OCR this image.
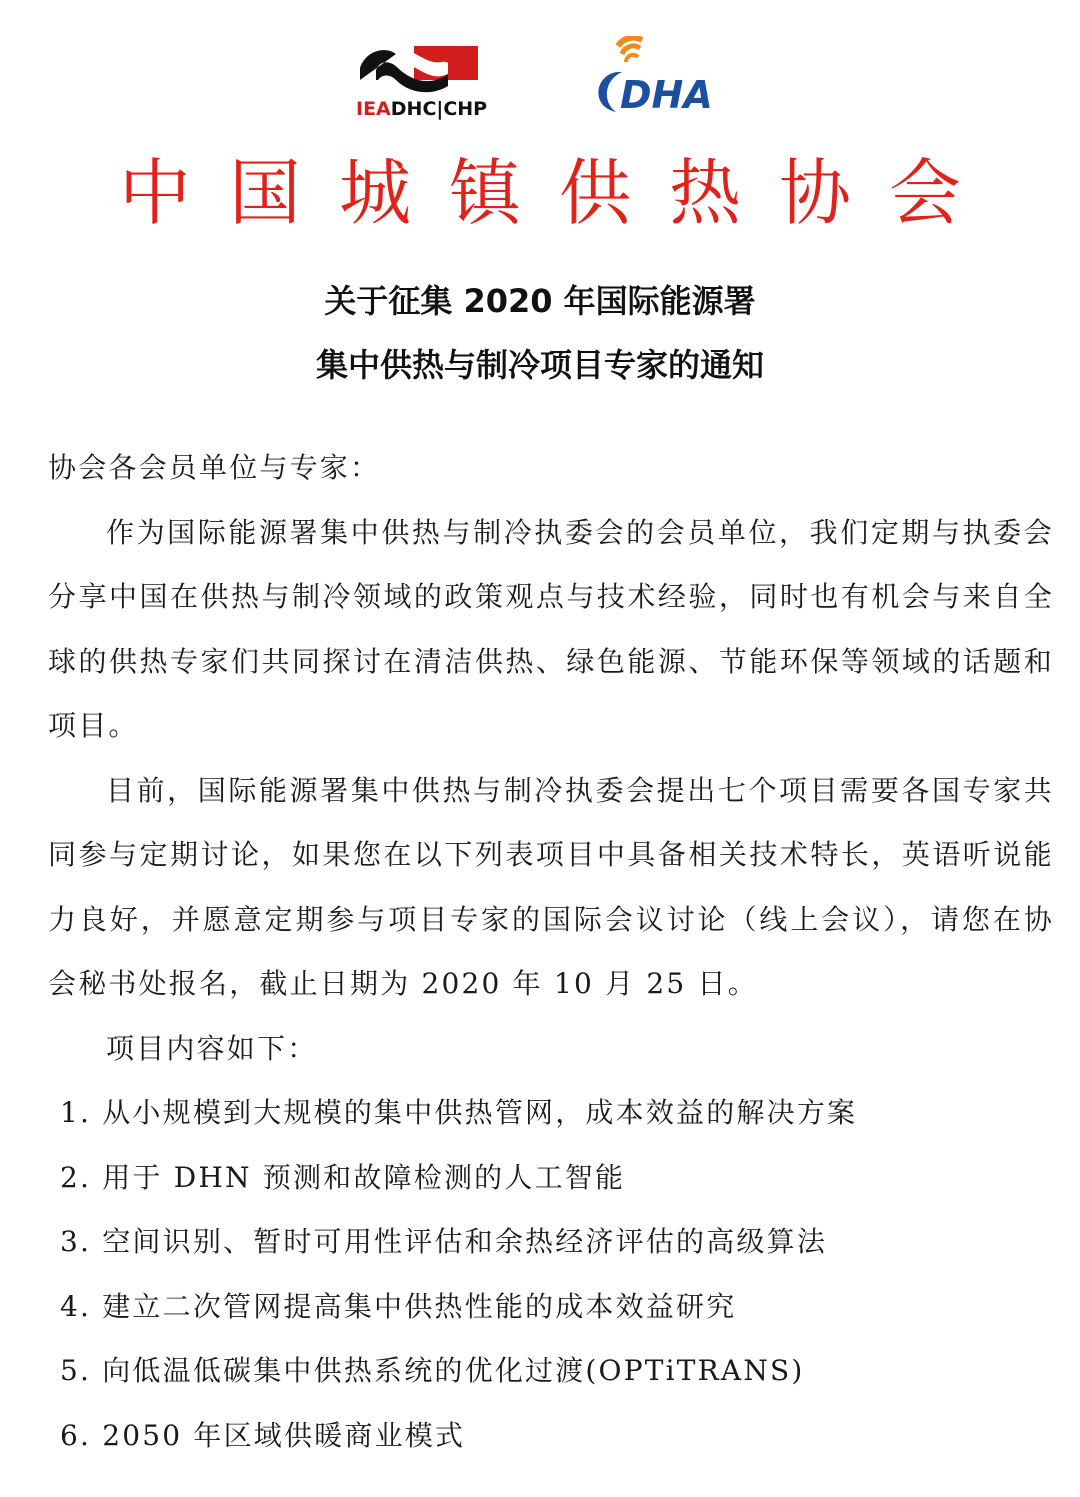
IEADHC|CHP	DHA
中国城镇供热协会
关于征集 2020 年国际能源署
集中供热与制冷项目专家的通知

协会各会员单位与专家：

作为国际能源署集中供热与制冷执委会的会员单位，我们定期与执委会分享中国在供热与制冷领域的政策观点与技术经验，同时也有机会与来自全球的供热专家们共同探讨在清洁供热、绿色能源、节能环保等领域的话题和项目。

目前，国际能源署集中供热与制冷执委会提出七个项目需要各国专家共同参与定期讨论，如果您在以下列表项目中具备相关技术特长，英语听说能力良好，并愿意定期参与项目专家的国际会议讨论（线上会议），请您在协会秘书处报名，截止日期为 2020 年 10 月 25 日。

项目内容如下：

1. 从小规模到大规模的集中供热管网，成本效益的解决方案
2. 用于 DHN 预测和故障检测的人工智能
3. 空间识别、暂时可用性评估和余热经济评估的高级算法
4. 建立二次管网提高集中供热性能的成本效益研究
5. 向低温低碳集中供热系统的优化过渡(OPTiTRANS)
6. 2050 年区域供暖商业模式
